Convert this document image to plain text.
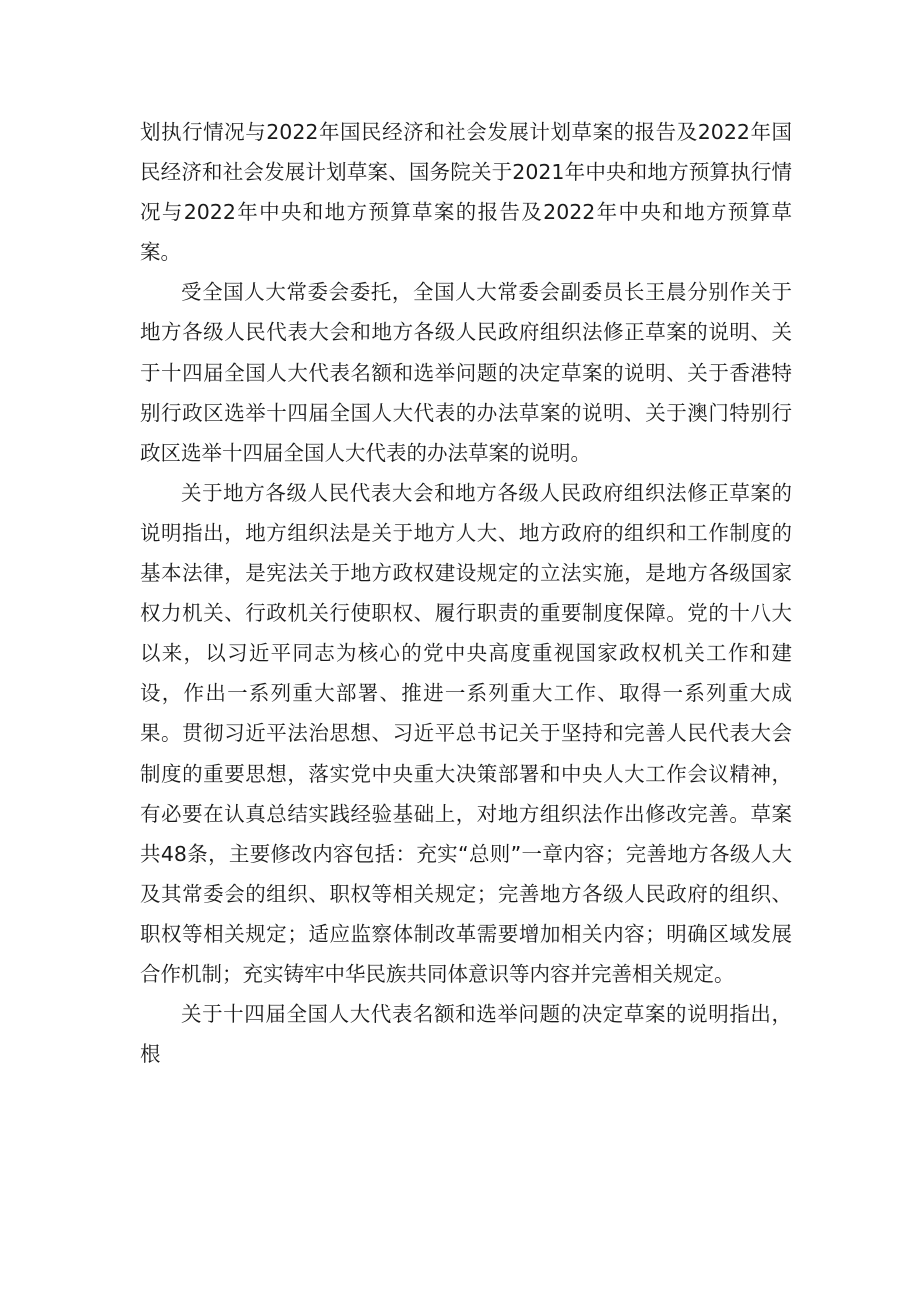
划执行情况与2022年国民经济和社会发展计划草案的报告及2022年国民经济和社会发展计划草案、国务院关于2021年中央和地方预算执行情况与2022年中央和地方预算草案的报告及2022年中央和地方预算草案。

受全国人大常委会委托，全国人大常委会副委员长王晨分别作关于地方各级人民代表大会和地方各级人民政府组织法修正草案的说明、关于十四届全国人大代表名额和选举问题的决定草案的说明、关于香港特别行政区选举十四届全国人大代表的办法草案的说明、关于澳门特别行政区选举十四届全国人大代表的办法草案的说明。

关于地方各级人民代表大会和地方各级人民政府组织法修正草案的说明指出，地方组织法是关于地方人大、地方政府的组织和工作制度的基本法律，是宪法关于地方政权建设规定的立法实施，是地方各级国家权力机关、行政机关行使职权、履行职责的重要制度保障。党的十八大以来，以习近平同志为核心的党中央高度重视国家政权机关工作和建设，作出一系列重大部署、推进一系列重大工作、取得一系列重大成果。贯彻习近平法治思想、习近平总书记关于坚持和完善人民代表大会制度的重要思想，落实党中央重大决策部署和中央人大工作会议精神，有必要在认真总结实践经验基础上，对地方组织法作出修改完善。草案共48条，主要修改内容包括：充实“总则”一章内容；完善地方各级人大及其常委会的组织、职权等相关规定；完善地方各级人民政府的组织、职权等相关规定；适应监察体制改革需要增加相关内容；明确区域发展合作机制；充实铸牢中华民族共同体意识等内容并完善相关规定。

关于十四届全国人大代表名额和选举问题的决定草案的说明指出，根
